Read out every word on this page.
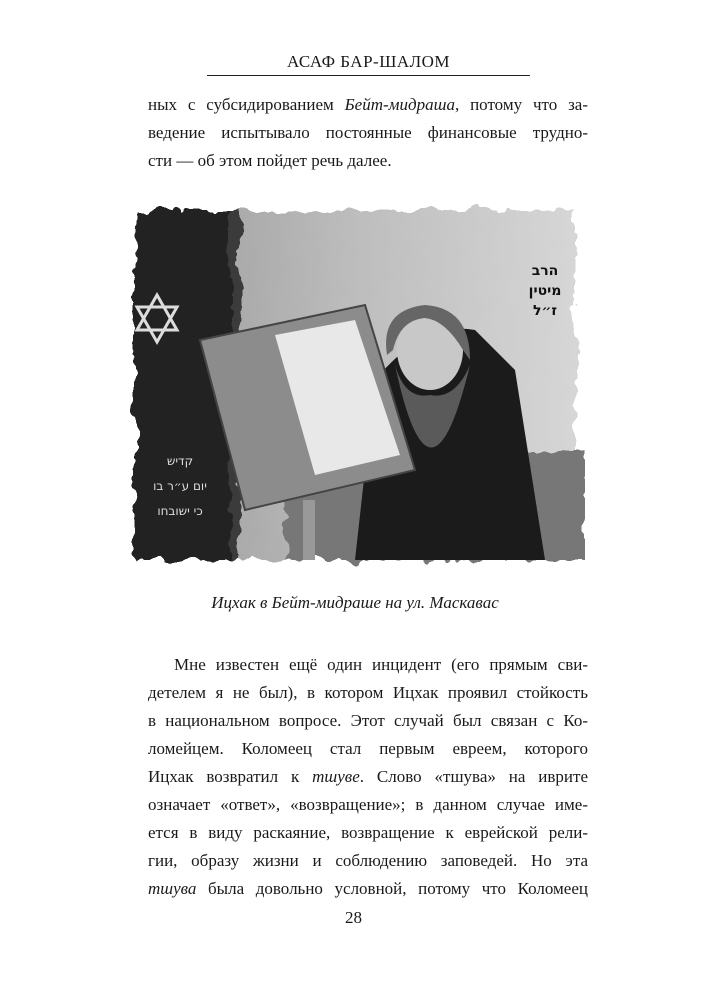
АСАФ БАР-ШАЛОМ
ных с субсидированием Бейт-мидраша, потому что за-
ведение испытывало постоянные финансовые трудно-
сти — об этом пойдет речь далее.
קדיש
יום ע״ר בו
כי ישובחו
הרב
מיטין
ז״ל
Ицхак в Бейт-мидраше на ул. Маскавас
Мне известен ещё один инцидент (его прямым сви-
детелем я не был), в котором Ицхак проявил стойкость
в национальном вопросе. Этот случай был связан с Ко-
ломейцем. Коломеец стал первым евреем, которого
Ицхак возвратил к тшуве. Слово «тшува» на иврите
означает «ответ», «возвращение»; в данном случае име-
ется в виду раскаяние, возвращение к еврейской рели-
гии, образу жизни и соблюдению заповедей. Но эта
тшува была довольно условной, потому что Коломеец
28
